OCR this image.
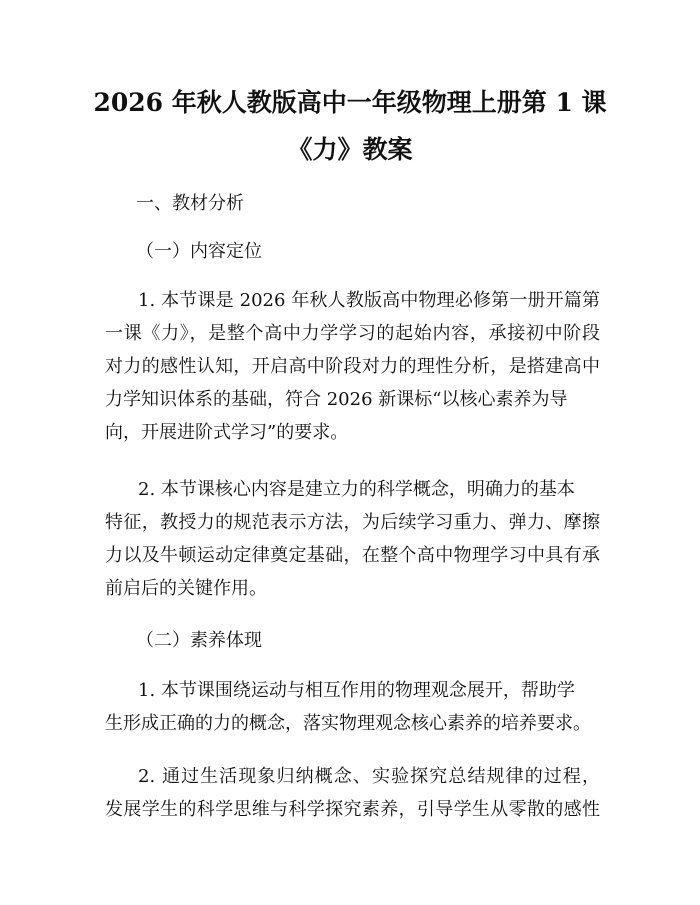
2026 年秋人教版高中一年级物理上册第 1 课
《力》教案

一、教材分析

（一）内容定位

1. 本节课是 2026 年秋人教版高中物理必修第一册开篇第

一课《力》，是整个高中力学学习的起始内容，承接初中阶段

对力的感性认知，开启高中阶段对力的理性分析，是搭建高中

力学知识体系的基础，符合 2026 新课标“以核心素养为导

向，开展进阶式学习”的要求。

2. 本节课核心内容是建立力的科学概念，明确力的基本

特征，教授力的规范表示方法，为后续学习重力、弹力、摩擦

力以及牛顿运动定律奠定基础，在整个高中物理学习中具有承

前启后的关键作用。

（二）素养体现

1. 本节课围绕运动与相互作用的物理观念展开，帮助学

生形成正确的力的概念，落实物理观念核心素养的培养要求。

2. 通过生活现象归纳概念、实验探究总结规律的过程，

发展学生的科学思维与科学探究素养，引导学生从零散的感性
